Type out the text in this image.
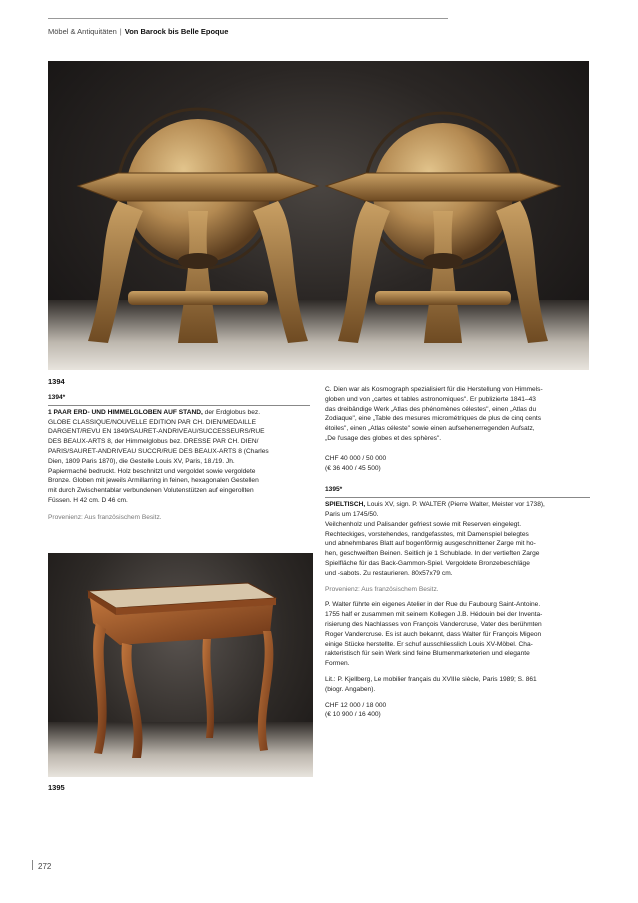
Möbel & Antiquitäten | Von Barock bis Belle Epoque
1394
1394*
1 PAAR ERD- UND HIMMELGLOBEN AUF STAND, der Erdglobus bez.
GLOBE CLASSIQUE/NOUVELLE EDITION PAR CH. DIEN/MEDAILLE
DARGENT/REVU EN 1849/SAURET-ANDRIVEAU/SUCCESSEURS/RUE
DES BEAUX-ARTS 8, der Himmelglobus bez. DRESSE PAR CH. DIEN/
PARIS/SAURET-ANDRIVEAU SUCCR/RUE DES BEAUX-ARTS 8 (Charles
Dien, 1809 Paris 1870), die Gestelle Louis XV, Paris, 18./19. Jh.
Papiermaché bedruckt. Holz beschnitzt und vergoldet sowie vergoldete
Bronze. Globen mit jeweils Armillarring in feinen, hexagonalen Gestellen
mit durch Zwischentablar verbundenen Volutenstützen auf eingerollten
Füssen. H 42 cm. D 46 cm.
Provenienz: Aus französischem Besitz.
1395

C. Dien war als Kosmograph spezialisiert für die Herstellung von Himmels-
globen und von „cartes et tables astronomiques". Er publizierte 1841–43
das dreibändige Werk „Atlas des phénomènes célestes", einen „Atlas du
Zodiaque", eine „Table des mesures micrométriques de plus de cinq cents
étoiles", einen „Atlas céleste" sowie einen aufsehenerregenden Aufsatz,
„De l'usage des globes et des sphères".

CHF 40 000 / 50 000
(€ 36 400 / 45 500)
1395*

SPIELTISCH, Louis XV, sign. P. WALTER (Pierre Walter, Meister vor 1738),
Paris um 1745/50.
Veilchenholz und Palisander gefriest sowie mit Reserven eingelegt.
Rechteckiges, vorstehendes, randgefasstes, mit Damenspiel belegtes
und abnehmbares Blatt auf bogenförmig ausgeschnittener Zarge mit ho-
hen, geschweiften Beinen. Seitlich je 1 Schublade. In der vertieften Zarge
Spielfläche für das Back-Gammon-Spiel. Vergoldete Bronzebeschläge
und -sabots. Zu restaurieren. 80x57x79 cm.

Provenienz: Aus französischem Besitz.

P. Walter führte ein eigenes Atelier in der Rue du Faubourg Saint-Antoine.
1755 half er zusammen mit seinem Kollegen J.B. Hédouin bei der Inventa-
risierung des Nachlasses von François Vandercruse, Vater des berühmten
Roger Vandercruse. Es ist auch bekannt, dass Walter für François Migeon
einige Stücke herstellte. Er schuf ausschliesslich Louis XV-Möbel. Cha-
rakteristisch für sein Werk sind feine Blumenmarketerien und elegante
Formen.

Lit.: P. Kjellberg, Le mobilier français du XVIIIe siècle, Paris 1989; S. 861
(biogr. Angaben).

CHF 12 000 / 18 000
(€ 10 900 / 16 400)
272
